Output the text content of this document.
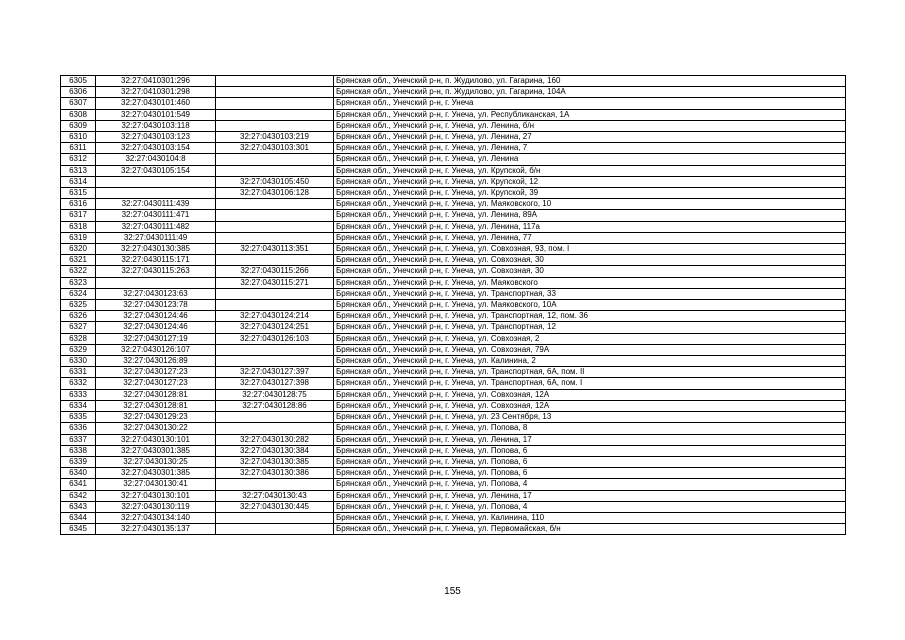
6305	32:27:0410301:296		Брянская обл., Унечский р-н, п. Жудилово, ул. Гагарина, 160
6306	32:27:0410301:298		Брянская обл., Унечский р-н, п. Жудилово, ул. Гагарина, 104А
6307	32:27:0430101:460		Брянская обл., Унечский р-н, г. Унеча
6308	32:27:0430101:549		Брянская обл., Унечский р-н, г. Унеча, ул. Республиканская, 1А
6309	32:27:0430103:118		Брянская обл., Унечский р-н, г. Унеча, ул. Ленина, б/н
6310	32:27:0430103:123	32:27:0430103:219	Брянская обл., Унечский р-н, г. Унеча, ул. Ленина, 27
6311	32:27:0430103:154	32:27:0430103:301	Брянская обл., Унечский р-н, г. Унеча, ул. Ленина, 7
6312	32:27:0430104:8		Брянская обл., Унечский р-н, г. Унеча, ул. Ленина
6313	32:27:0430105:154		Брянская обл., Унечский р-н, г. Унеча, ул. Крупской, б/н
6314		32:27:0430105:450	Брянская обл., Унечский р-н, г. Унеча, ул. Крупской, 12
6315		32:27:0430106:128	Брянская обл., Унечский р-н, г. Унеча, ул. Крупской, 39
6316	32:27:0430111:439		Брянская обл., Унечский р-н, г. Унеча, ул. Маяковского, 10
6317	32:27:0430111:471		Брянская обл., Унечский р-н, г. Унеча, ул. Ленина, 89А
6318	32:27:0430111:482		Брянская обл., Унечский р-н, г. Унеча, ул. Ленина, 117а
6319	32:27:0430111:49		Брянская обл., Унечский р-н, г. Унеча, ул. Ленина, 77
6320	32:27:0430130:385	32:27:0430113:351	Брянская обл., Унечский р-н, г. Унеча, ул. Совхозная, 93, пом. I
6321	32:27:0430115:171		Брянская обл., Унечский р-н, г. Унеча, ул. Совхозная, 30
6322	32:27:0430115:263	32:27:0430115:266	Брянская обл., Унечский р-н, г. Унеча, ул. Совхозная, 30
6323		32:27:0430115:271	Брянская обл., Унечский р-н, г. Унеча, ул. Маяковского
6324	32:27:0430123:63		Брянская обл., Унечский р-н, г. Унеча, ул. Транспортная, 33
6325	32:27:0430123:78		Брянская обл., Унечский р-н, г. Унеча, ул. Маяковского, 10А
6326	32:27:0430124:46	32:27:0430124:214	Брянская обл., Унечский р-н, г. Унеча, ул. Транспортная, 12, пом. 36
6327	32:27:0430124:46	32:27:0430124:251	Брянская обл., Унечский р-н, г. Унеча, ул. Транспортная, 12
6328	32:27:0430127:19	32:27:0430126:103	Брянская обл., Унечский р-н, г. Унеча, ул. Совхозная, 2
6329	32:27:0430126:107		Брянская обл., Унечский р-н, г. Унеча, ул. Совхозная, 79А
6330	32:27:0430126:89		Брянская обл., Унечский р-н, г. Унеча, ул. Калинина, 2
6331	32:27:0430127:23	32:27:0430127:397	Брянская обл., Унечский р-н, г. Унеча, ул. Транспортная, 6А, пом. II
6332	32:27:0430127:23	32:27:0430127:398	Брянская обл., Унечский р-н, г. Унеча, ул. Транспортная, 6А, пом. I
6333	32:27:0430128:81	32:27:0430128:75	Брянская обл., Унечский р-н, г. Унеча, ул. Совхозная, 12А
6334	32:27:0430128:81	32:27:0430128:86	Брянская обл., Унечский р-н, г. Унеча, ул. Совхозная, 12А
6335	32:27:0430129:23		Брянская обл., Унечский р-н, г. Унеча, ул. 23 Сентября, 13
6336	32:27:0430130:22		Брянская обл., Унечский р-н, г. Унеча, ул. Попова, 8
6337	32:27:0430130:101	32:27:0430130:282	Брянская обл., Унечский р-н, г. Унеча, ул. Ленина, 17
6338	32:27:0430301:385	32:27:0430130:384	Брянская обл., Унечский р-н, г. Унеча, ул. Попова, 6
6339	32:27:0430130:25	32:27:0430130:385	Брянская обл., Унечский р-н, г. Унеча, ул. Попова, 6
6340	32:27:0430301:385	32:27:0430130:386	Брянская обл., Унечский р-н, г. Унеча, ул. Попова, 6
6341	32:27:0430130:41		Брянская обл., Унечский р-н, г. Унеча, ул. Попова, 4
6342	32:27:0430130:101	32:27:0430130:43	Брянская обл., Унечский р-н, г. Унеча, ул. Ленина, 17
6343	32:27:0430130:119	32:27:0430130:445	Брянская обл., Унечский р-н, г. Унеча, ул. Попова, 4
6344	32:27:0430134:140		Брянская обл., Унечский р-н, г. Унеча, ул. Калинина, 110
6345	32:27:0430135:137		Брянская обл., Унечский р-н, г. Унеча, ул. Первомайская, б/н
155
